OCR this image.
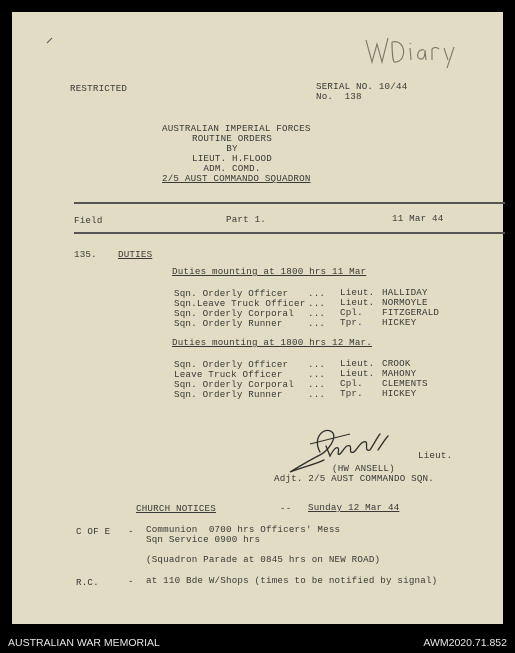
W Diary
RESTRICTED	SERIAL NO. 10/44
No.  138
AUSTRALIAN IMPERIAL FORCES
ROUTINE ORDERS
BY
LIEUT. H.FLOOD
ADM. COMD.
2/5 AUST COMMANDO SQUADRON
Field	Part 1.	11 Mar 44
135. DUTIES
Duties mounting at 1800 hrs 11 Mar
Sqn. Orderly Officer ... Lieut. HALLIDAY
Sqn.Leave Truck Officer ... Lieut. NORMOYLE
Sqn. Orderly Corporal ... Cpl. FITZGERALD
Sqn. Orderly Runner	... Tpr. HICKEY
Duties mounting at 1800 hrs 12 Mar.
Sqn. Orderly Officer ... Lieut. CROOK
Leave Truck Officer	... Lieut. MAHONY
Sqn. Orderly Corporal ... Cpl. CLEMENTS
Sqn. Orderly Runner	... Tpr. HICKEY
Ansell
Lieut.
(HW ANSELL)
Adjt. 2/5 AUST COMMANDO SQN.
CHURCH NOTICES	-- Sunday 12 Mar 44
C OF E - Communion  0700 hrs Officers' Mess
Sqn Service 0900 hrs
(Squadron Parade at 0845 hrs on NEW ROAD)
R.C.	- at 110 Bde W/Shops (times to be notified by signal)
AUSTRALIAN WAR MEMORIAL	AWM2020.71.852
